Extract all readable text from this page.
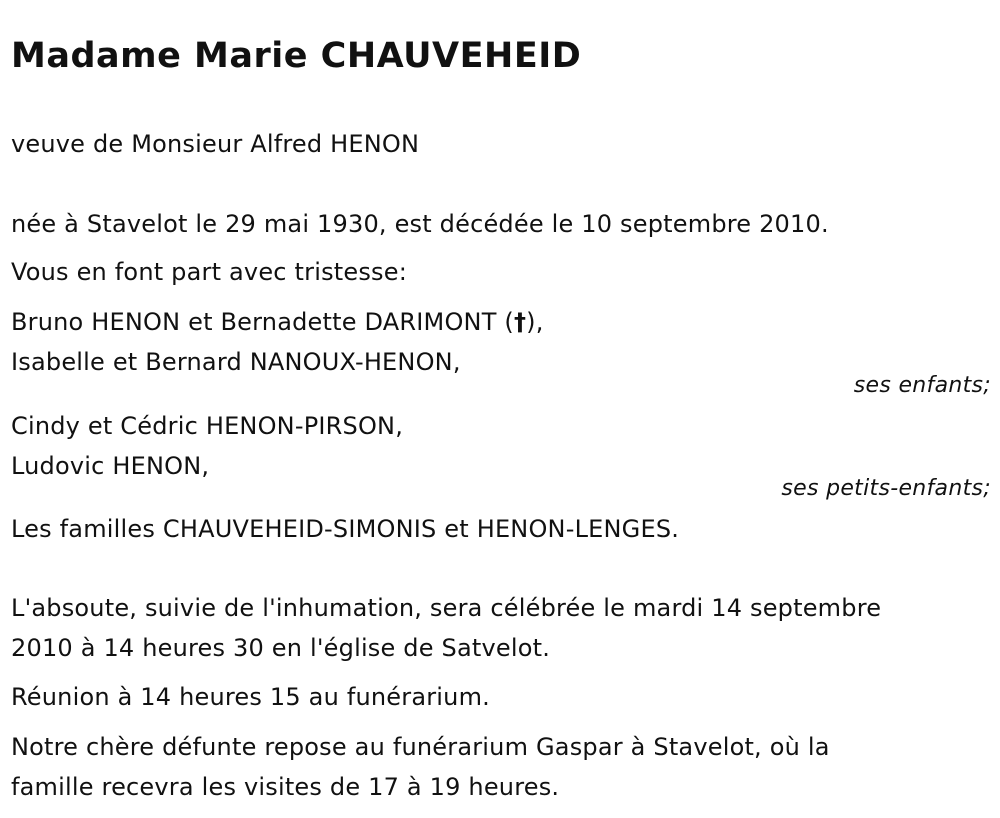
Madame Marie CHAUVEHEID
veuve de Monsieur Alfred HENON
née à Stavelot le 29 mai 1930, est décédée le 10 septembre 2010.
Vous en font part avec tristesse:
Bruno HENON et Bernadette DARIMONT (†),
Isabelle et Bernard NANOUX-HENON,
ses enfants;
Cindy et Cédric HENON-PIRSON,
Ludovic HENON,
ses petits-enfants;
Les familles CHAUVEHEID-SIMONIS et HENON-LENGES.
L'absoute, suivie de l'inhumation, sera célébrée le mardi 14 septembre
2010 à 14 heures 30 en l'église de Satvelot.
Réunion à 14 heures 15 au funérarium.
Notre chère défunte repose au funérarium Gaspar à Stavelot, où la
famille recevra les visites de 17 à 19 heures.
